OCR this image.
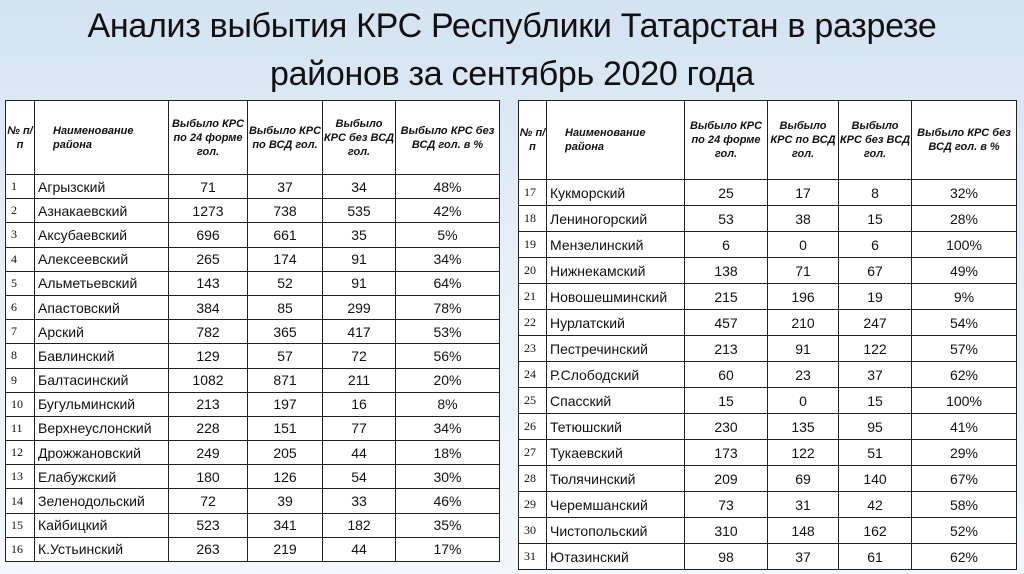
Анализ выбытия КРС Республики Татарстан в разрезе
районов за сентябрь 2020 года
№ п/п	Наименование района	Выбыло КРС по 24 форме гол.	Выбыло КРС по ВСД гол.	Выбыло КРС без ВСД гол.	Выбыло КРС без ВСД гол. в %
1	Агрызский	71	37	34	48%
2	Азнакаевский	1273	738	535	42%
3	Аксубаевский	696	661	35	5%
4	Алексеевский	265	174	91	34%
5	Альметьевский	143	52	91	64%
6	Апастовский	384	85	299	78%
7	Арский	782	365	417	53%
8	Бавлинский	129	57	72	56%
9	Балтасинский	1082	871	211	20%
10	Бугульминский	213	197	16	8%
11	Верхнеуслонский	228	151	77	34%
12	Дрожжановский	249	205	44	18%
13	Елабужский	180	126	54	30%
14	Зеленодольский	72	39	33	46%
15	Кайбицкий	523	341	182	35%
16	К.Устьинский	263	219	44	17%
№ п/п	Наименование района	Выбыло КРС по 24 форме гол.	Выбыло КРС по ВСД гол.	Выбыло КРС без ВСД гол.	Выбыло КРС без ВСД гол. в %
17	Кукморский	25	17	8	32%
18	Лениногорский	53	38	15	28%
19	Мензелинский	6	0	6	100%
20	Нижнекамский	138	71	67	49%
21	Новошешминский	215	196	19	9%
22	Нурлатский	457	210	247	54%
23	Пестречинский	213	91	122	57%
24	Р.Слободский	60	23	37	62%
25	Спасский	15	0	15	100%
26	Тетюшский	230	135	95	41%
27	Тукаевский	173	122	51	29%
28	Тюлячинский	209	69	140	67%
29	Черемшанский	73	31	42	58%
30	Чистопольский	310	148	162	52%
31	Ютазинский	98	37	61	62%
